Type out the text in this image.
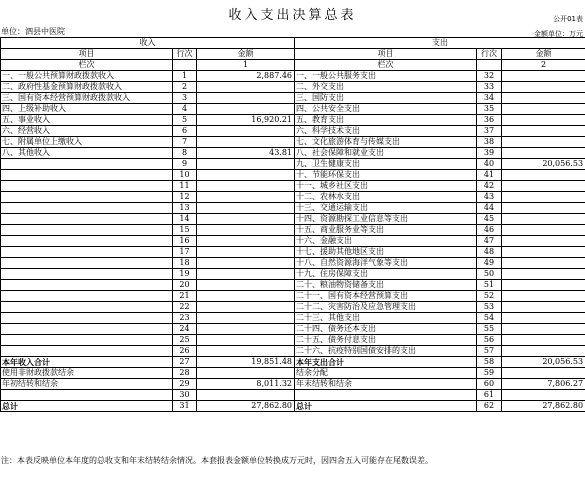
收入支出决算总表	公开01表
单位：泗县中医院	金额单位：万元
收入			支出		
项目	行次	金额	项目	行次	金额
栏次		1	栏次		2
一、一般公共预算财政拨款收入	1	2,887.46	一、一般公共服务支出	32	
二、政府性基金预算财政拨款收入	2		二、外交支出	33	
三、国有资本经营预算财政拨款收入	3		三、国防支出	34	
四、上级补助收入	4		四、公共安全支出	35	
五、事业收入	5	16,920.21	五、教育支出	36	
六、经营收入	6		六、科学技术支出	37	
七、附属单位上缴收入	7		七、文化旅游体育与传媒支出	38	
八、其他收入	8	43.81	八、社会保障和就业支出	39	
	9		九、卫生健康支出	40	20,056.53
	10		十、节能环保支出	41	
	11		十一、城乡社区支出	42	
	12		十二、农林水支出	43	
	13		十三、交通运输支出	44	
	14		十四、资源勘探工业信息等支出	45	
	15		十五、商业服务业等支出	46	
	16		十六、金融支出	47	
	17		十七、援助其他地区支出	48	
	18		十八、自然资源海洋气象等支出	49	
	19		十九、住房保障支出	50	
	20		二十、粮油物资储备支出	51	
	21		二十一、国有资本经营预算支出	52	
	22		二十二、灾害防治及应急管理支出	53	
	23		二十三、其他支出	54	
	24		二十四、债务还本支出	55	
	25		二十五、债务付息支出	56	
	26		二十六、抗疫特别国债安排的支出	57	
本年收入合计	27	19,851.48	本年支出合计	58	20,056.53
使用非财政拨款结余	28		结余分配	59	
年初结转和结余	29	8,011.32	年末结转和结余	60	7,806.27
	30			61	
总计	31	27,862.80	总计	62	27,862.80
注：本表反映单位本年度的总收支和年末结转结余情况。本套报表金额单位转换成万元时，因四舍五入可能存在尾数误差。
